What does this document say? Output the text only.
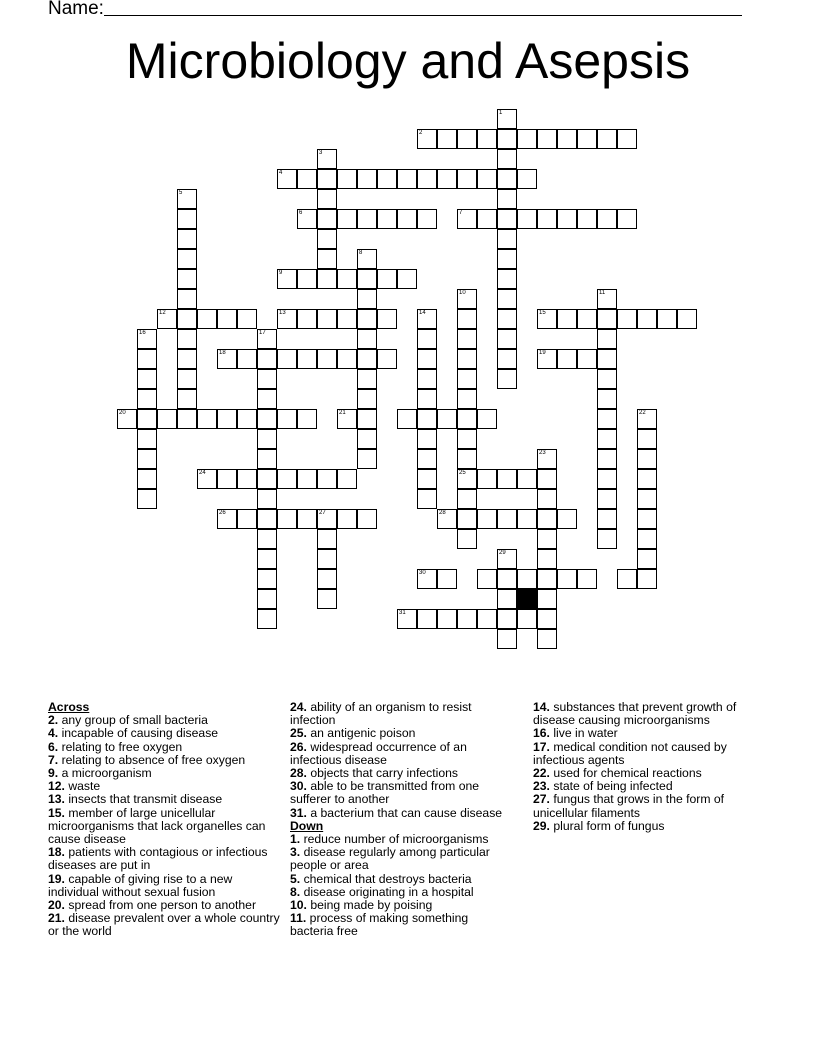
Name:
Microbiology and Asepsis
1
2
3
4
5
6	7
8
9
10
25
11
12	13	14	15
16	17
18	19
20	21	22
23
24
26	27	28
29
30
31
Across
2. any group of small bacteria
4. incapable of causing disease
6. relating to free oxygen
7. relating to absence of free oxygen
9. a microorganism
12. waste
13. insects that transmit disease
15. member of large unicellular microorganisms that lack organelles can cause disease
18. patients with contagious or infectious diseases are put in
19. capable of giving rise to a new individual without sexual fusion
20. spread from one person to another
21. disease prevalent over a whole country or the world
24. ability of an organism to resist infection
25. an antigenic poison
26. widespread occurrence of an infectious disease
28. objects that carry infections
30. able to be transmitted from one sufferer to another
31. a bacterium that can cause disease
Down
1. reduce number of microorganisms
3. disease regularly among particular people or area
5. chemical that destroys bacteria
8. disease originating in a hospital
10. being made by poising
11. process of making something bacteria free
14. substances that prevent growth of disease causing microorganisms
16. live in water
17. medical condition not caused by infectious agents
22. used for chemical reactions
23. state of being infected
27. fungus that grows in the form of unicellular filaments
29. plural form of fungus
